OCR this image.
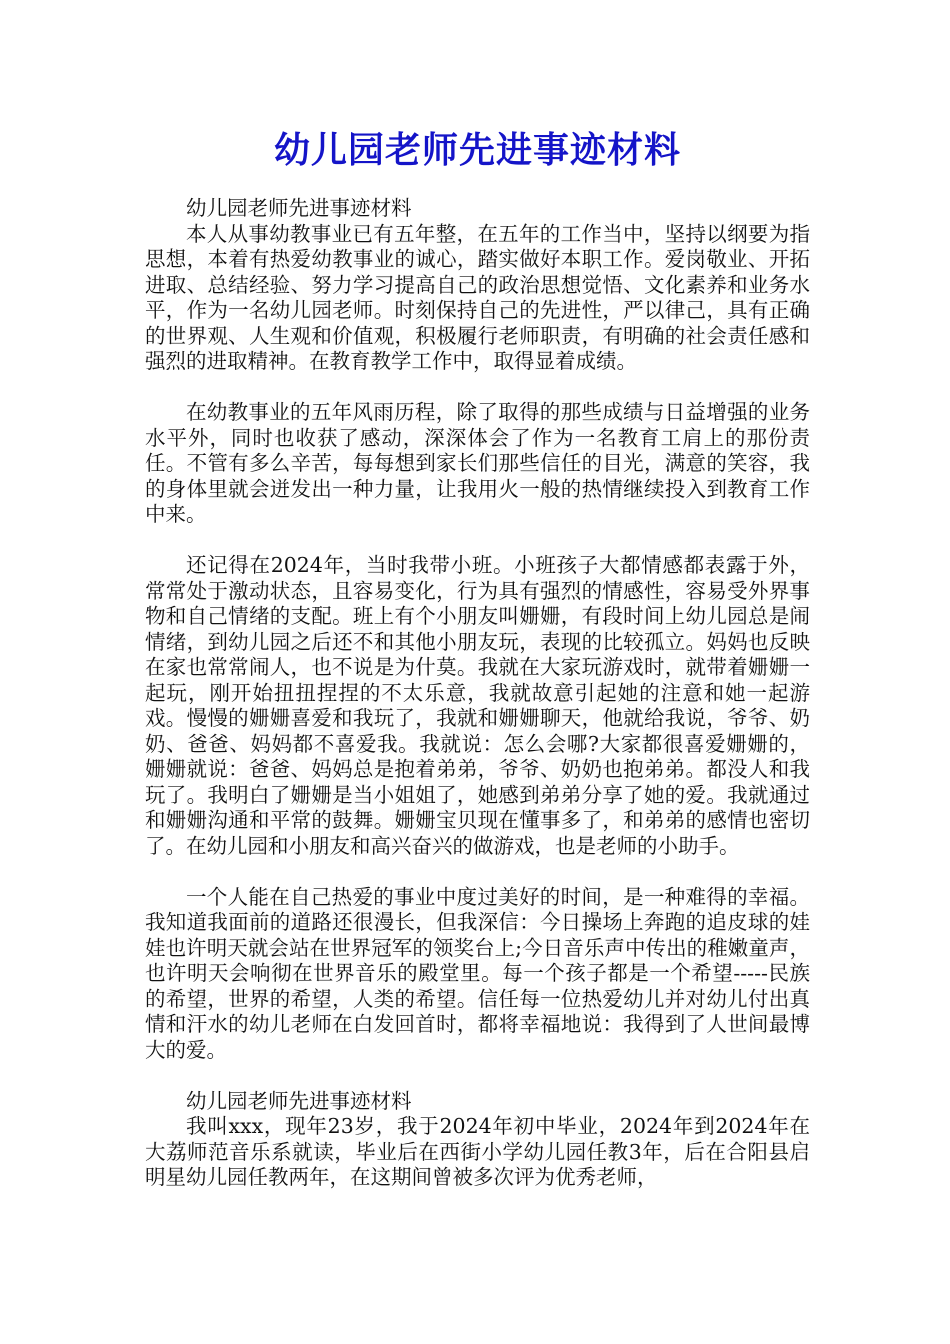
幼儿园老师先进事迹材料

幼儿园老师先进事迹材料

本人从事幼教事业已有五年整，在五年的工作当中，坚持以纲要为指思想，本着有热爱幼教事业的诚心，踏实做好本职工作。爱岗敬业、开拓进取、总结经验、努力学习提高自己的政治思想觉悟、文化素养和业务水平，作为一名幼儿园老师。时刻保持自己的先进性，严以律己，具有正确的世界观、人生观和价值观，积极履行老师职责，有明确的社会责任感和强烈的进取精神。在教育教学工作中，取得显着成绩。

在幼教事业的五年风雨历程，除了取得的那些成绩与日益增强的业务水平外，同时也收获了感动，深深体会了作为一名教育工肩上的那份责任。不管有多么辛苦，每每想到家长们那些信任的目光，满意的笑容，我的身体里就会迸发出一种力量，让我用火一般的热情继续投入到教育工作中来。

还记得在2024年，当时我带小班。小班孩子大都情感都表露于外，常常处于激动状态，且容易变化，行为具有强烈的情感性，容易受外界事物和自己情绪的支配。班上有个小朋友叫姗姗，有段时间上幼儿园总是闹情绪，到幼儿园之后还不和其他小朋友玩，表现的比较孤立。妈妈也反映在家也常常闹人，也不说是为什莫。我就在大家玩游戏时，就带着姗姗一起玩，刚开始扭扭捏捏的不太乐意，我就故意引起她的注意和她一起游戏。慢慢的姗姗喜爱和我玩了，我就和姗姗聊天，他就给我说，爷爷、奶奶、爸爸、妈妈都不喜爱我。我就说：怎么会哪?大家都很喜爱姗姗的，姗姗就说：爸爸、妈妈总是抱着弟弟，爷爷、奶奶也抱弟弟。都没人和我玩了。我明白了姗姗是当小姐姐了，她感到弟弟分享了她的爱。我就通过和姗姗沟通和平常的鼓舞。姗姗宝贝现在懂事多了，和弟弟的感情也密切了。在幼儿园和小朋友和高兴奋兴的做游戏，也是老师的小助手。

一个人能在自己热爱的事业中度过美好的时间，是一种难得的幸福。我知道我面前的道路还很漫长，但我深信：今日操场上奔跑的追皮球的娃娃也许明天就会站在世界冠军的领奖台上;今日音乐声中传出的稚嫩童声，也许明天会响彻在世界音乐的殿堂里。每一个孩子都是一个希望-----民族的希望，世界的希望，人类的希望。信任每一位热爱幼儿并对幼儿付出真情和汗水的幼儿老师在白发回首时，都将幸福地说：我得到了人世间最博大的爱。

幼儿园老师先进事迹材料

我叫xxx，现年23岁，我于2024年初中毕业，2024年到2024年在大荔师范音乐系就读，毕业后在西街小学幼儿园任教3年，后在合阳县启明星幼儿园任教两年，在这期间曾被多次评为优秀老师，
